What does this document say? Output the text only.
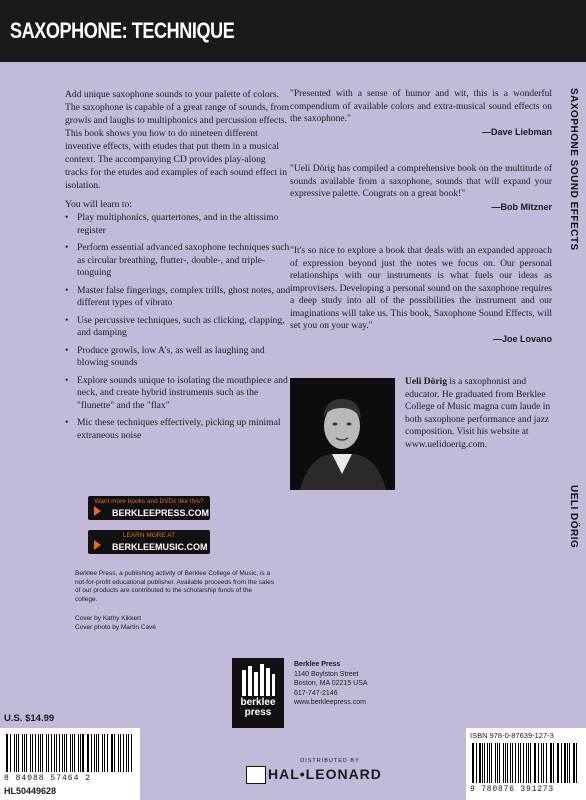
SAXOPHONE: TECHNIQUE
SAXOPHONE SOUND EFFECTS
UELI DÖRIG
Add unique saxophone sounds to your palette of colors. The saxophone is capable of a great range of sounds, from growls and laughs to multiphonics and percussion effects. This book shows you how to do nineteen different inventive effects, with etudes that put them in a musical context. The accompanying CD provides play-along tracks for the etudes and examples of each sound effect in isolation.
You will learn to:
• Play multiphonics, quartertones, and in the altissimo register
• Perform essential advanced saxophone techniques such as circular breathing, flutter-, double-, and triple-tonguing
• Master false fingerings, complex trills, ghost notes, and different types of vibrato
• Use percussive techniques, such as clicking, clapping, and damping
• Produce growls, low A's, as well as laughing and blowing sounds
• Explore sounds unique to isolating the mouthpiece and neck, and create hybrid instruments such as the "flunette" and the "flax"
• Mic these techniques effectively, picking up minimal extraneous noise
"Presented with a sense of humor and wit, this is a wonderful compendium of available colors and extra-musical sound effects on the saxophone."
—Dave Liebman
"Ueli Dörig has compiled a comprehensive book on the multitude of sounds available from a saxophone, sounds that will expand your expressive palette. Congrats on a great book!"
—Bob Mitzner
"It's so nice to explore a book that deals with an expanded approach of expression beyond just the notes we focus on. Our personal relationships with our instruments is what fuels our ideas as improvisers. Developing a personal sound on the saxophone requires a deep study into all of the possibilities the instrument and our imaginations will take us. This book, Saxophone Sound Effects, will set you on your way."
—Joe Lovano
Ueli Dörig is a saxophonist and educator. He graduated from Berklee College of Music magna cum laude in both saxophone performance and jazz composition. Visit his website at www.uelidoerig.com.
Want more books and DVDs like this?
BERKLEEPRESS.COM
LEARN MORE AT
BERKLEEMUSIC.COM
Berklee Press, a publishing activity of Berklee College of Music, is a not-for-profit educational publisher. Available proceeds from the sales of our products are contributed to the scholarship funds of the college.
Cover by Kathy Kikkert
Cover photo by Martin Cavé
berklee
press
Berklee Press
1140 Boylston Street
Boston, MA 02215 USA
617-747-2146
www.berkleepress.com
U.S. $14.99
8 84088 57464 2
HL50449628
DISTRIBUTED BY
HAL•LEONARD
ISBN 978-0-87639-127-3
9 780876 391273
